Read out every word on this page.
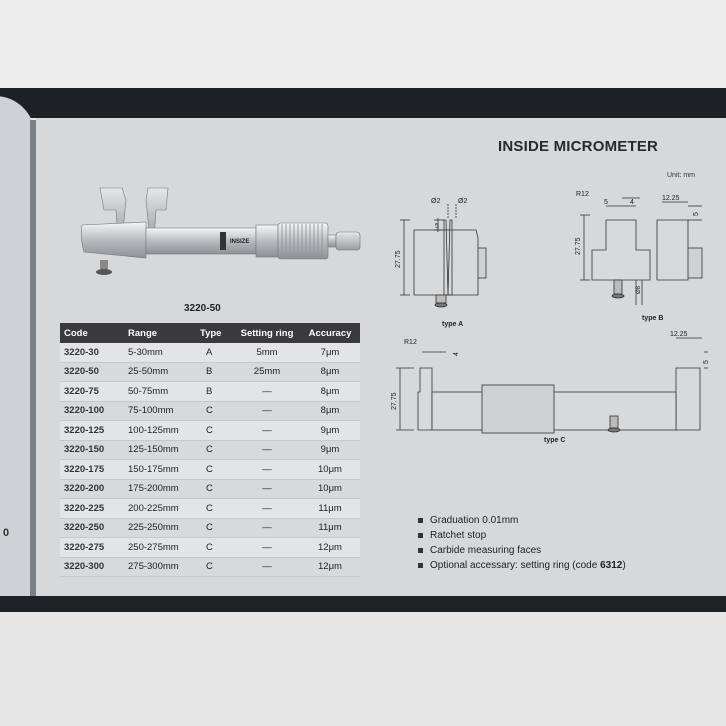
0
INSIDE MICROMETER
Unit: mm
INSIZE
3220-50
Code	Range	Type	Setting ring	Accuracy
3220-30	5-30mm	A	5mm	7μm
3220-50	25-50mm	B	25mm	8μm
3220-75	50-75mm	B	—	8μm
3220-100	75-100mm	C	—	8μm
3220-125	100-125mm	C	—	9μm
3220-150	125-150mm	C	—	9μm
3220-175	150-175mm	C	—	10μm
3220-200	175-200mm	C	—	10μm
3220-225	200-225mm	C	—	11μm
3220-250	225-250mm	C	—	11μm
3220-275	250-275mm	C	—	12μm
3220-300	275-300mm	C	—	12μm
Ø2	Ø2
5
27.75
type A
R12
5	4
12.25
5
27.75
Ø8
type B
R12
4
12.25
5
27.75
type C
Graduation 0.01mm
Ratchet stop
Carbide measuring faces
Optional accessary: setting ring (code 6312)
